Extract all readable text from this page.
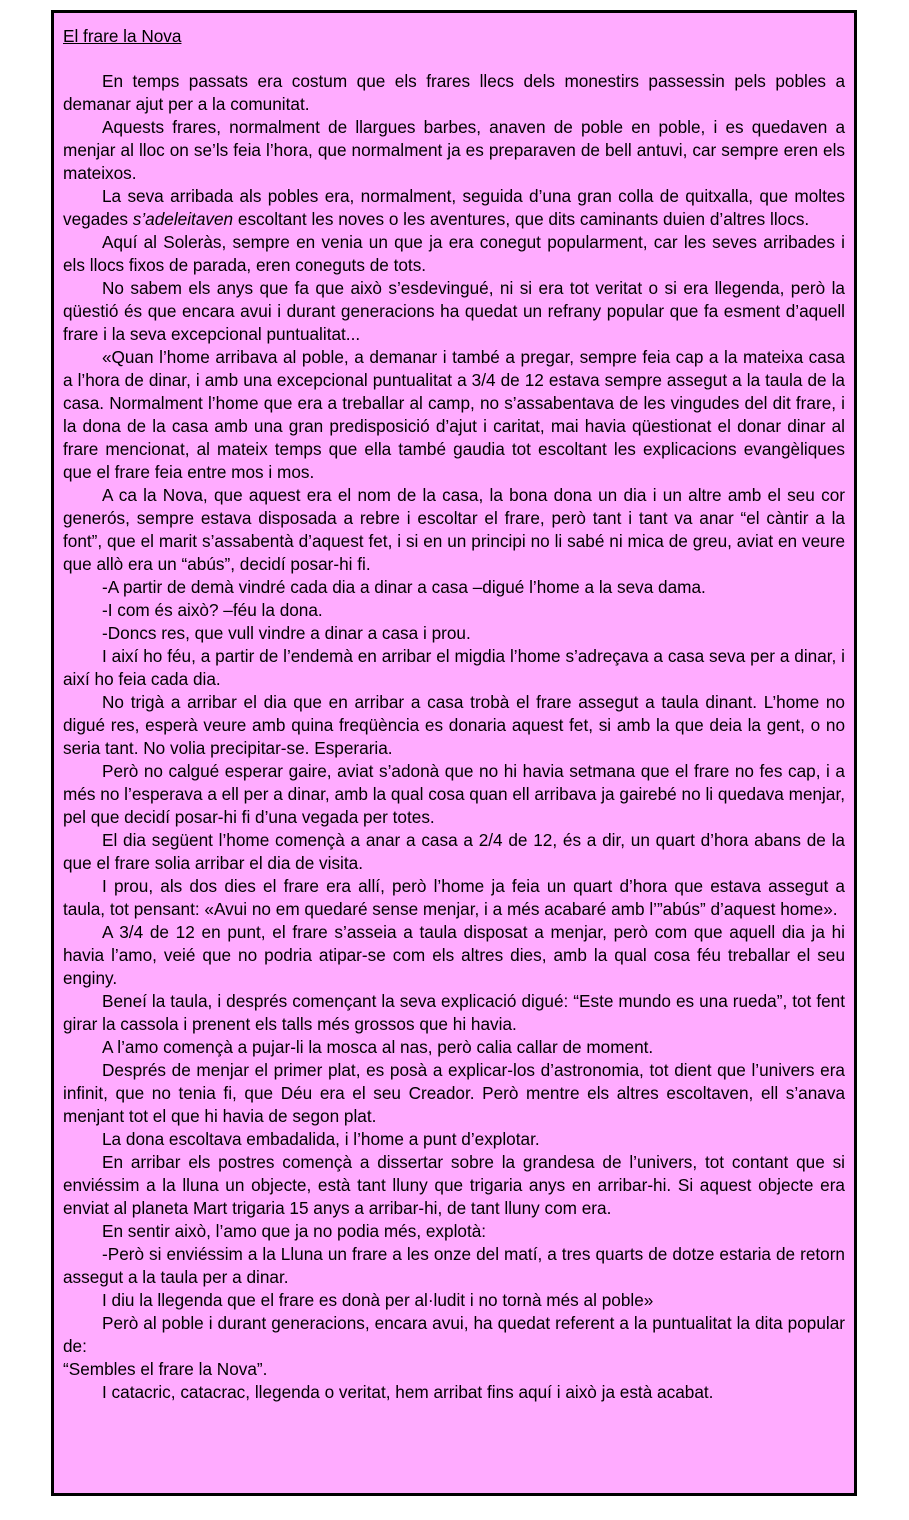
El frare la Nova

En temps passats era costum que els frares llecs dels monestirs passessin pels pobles a demanar ajut per a la comunitat.

Aquests frares, normalment de llargues barbes, anaven de poble en poble, i es quedaven a menjar al lloc on se’ls feia l’hora, que normalment ja es preparaven de bell antuvi, car sempre eren els mateixos.

La seva arribada als pobles era, normalment, seguida d’una gran colla de quitxalla, que moltes vegades s’adeleitaven escoltant les noves o les aventures, que dits caminants duien d’altres llocs.

Aquí al Soleràs, sempre en venia un que ja era conegut popularment, car les seves arribades i els llocs fixos de parada, eren coneguts de tots.

No sabem els anys que fa que això s’esdevingué, ni si era tot veritat o si era llegenda, però la qüestió és que encara avui i durant generacions ha quedat un refrany popular que fa esment d’aquell frare i la seva excepcional puntualitat...

«Quan l’home arribava al poble, a demanar i també a pregar, sempre feia cap a la mateixa casa a l’hora de dinar, i amb una excepcional puntualitat a 3/4 de 12 estava sempre assegut a la taula de la casa. Normalment l’home que era a treballar al camp, no s’assabentava de les vingudes del dit frare, i la dona de la casa amb una gran predisposició d’ajut i caritat, mai havia qüestionat el donar dinar al frare mencionat, al mateix temps que ella també gaudia tot escoltant les explicacions evangèliques que el frare feia entre mos i mos.

A ca la Nova, que aquest era el nom de la casa, la bona dona un dia i un altre amb el seu cor generós, sempre estava disposada a rebre i escoltar el frare, però tant i tant va anar “el càntir a la font”, que el marit s’assabentà d’aquest fet, i si en un principi no li sabé ni mica de greu, aviat en veure que allò era un “abús”, decidí posar-hi fi.

-A partir de demà vindré cada dia a dinar a casa –digué l’home a la seva dama.

-I com és això? –féu la dona.

-Doncs res, que vull vindre a dinar a casa i prou.

I així ho féu, a partir de l’endemà en arribar el migdia l’home s’adreçava a casa seva per a dinar, i així ho feia cada dia.

No trigà a arribar el dia que en arribar a casa trobà el frare assegut a taula dinant. L’home no digué res, esperà veure amb quina freqüència es donaria aquest fet, si amb la que deia la gent, o no seria tant. No volia precipitar-se. Esperaria.

Però no calgué esperar gaire, aviat s’adonà que no hi havia setmana que el frare no fes cap, i a més no l’esperava a ell per a dinar, amb la qual cosa quan ell arribava ja gairebé no li quedava menjar, pel que decidí posar-hi fi d’una vegada per totes.

El dia següent l’home començà a anar a casa a 2/4 de 12, és a dir, un quart d’hora abans de la que el frare solia arribar el dia de visita.

I prou, als dos dies el frare era allí, però l’home ja feia un quart d’hora que estava assegut a taula, tot pensant: «Avui no em quedaré sense menjar, i a més acabaré amb l’”abús” d’aquest home».

A 3/4 de 12 en punt, el frare s’asseia a taula disposat a menjar, però com que aquell dia ja hi havia l’amo, veié que no podria atipar-se com els altres dies, amb la qual cosa féu treballar el seu enginy.

Beneí la taula, i després començant la seva explicació digué: “Este mundo es una rueda”, tot fent girar la cassola i prenent els talls més grossos que hi havia.

A l’amo començà a pujar-li la mosca al nas, però calia callar de moment.

Després de menjar el primer plat, es posà a explicar-los d’astronomia, tot dient que l’univers era infinit, que no tenia fi, que Déu era el seu Creador. Però mentre els altres escoltaven, ell s’anava menjant tot el que hi havia de segon plat.

La dona escoltava embadalida, i l’home a punt d’explotar.

En arribar els postres començà a dissertar sobre la grandesa de l’univers, tot contant que si enviéssim a la lluna un objecte, està tant lluny que trigaria anys en arribar-hi. Si aquest objecte era enviat al planeta Mart trigaria 15 anys a arribar-hi, de tant lluny com era.

En sentir això, l’amo que ja no podia més, explotà:

-Però si enviéssim a la Lluna un frare a les onze del matí, a tres quarts de dotze estaria de retorn assegut a la taula per a dinar.

I diu la llegenda que el frare es donà per al·ludit i no tornà més al poble»

Però al poble i durant generacions, encara avui, ha quedat referent a la puntualitat la dita popular de:

“Sembles el frare la Nova”.

I catacric, catacrac, llegenda o veritat, hem arribat fins aquí i això ja està acabat.
